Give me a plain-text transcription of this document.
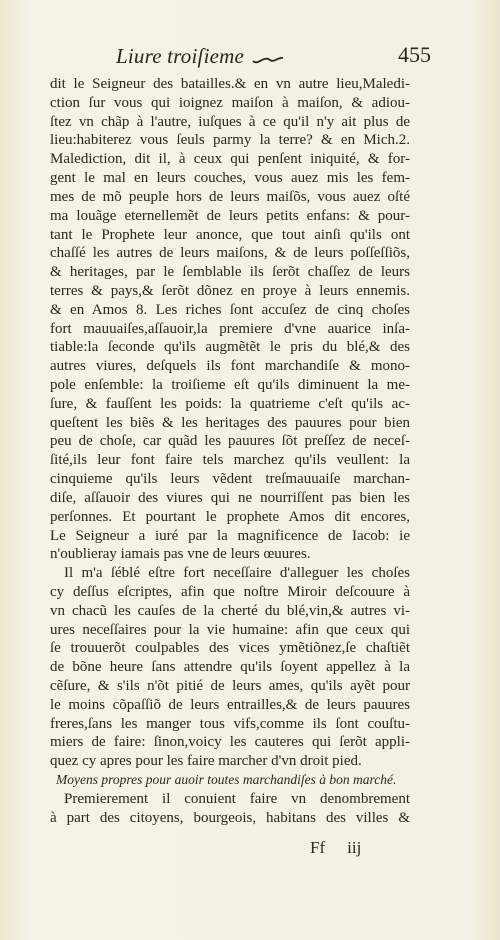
Liure troiſieme	455
dit le Seigneur des batailles.& en vn autre lieu,Maledi-
ction ſur vous qui ioignez maiſon à maiſon, & adiou-
ſtez vn chãp à l'autre, iuſques à ce qu'il n'y ait plus de
lieu:habiterez vous ſeuls parmy la terre? & en Mich.2.
Malediction, dit il, à ceux qui penſent iniquité, & for-
gent le mal en leurs couches, vous auez mis les fem-
mes de mõ peuple hors de leurs maiſõs, vous auez oſté
ma louãge eternellemẽt de leurs petits enfans: & pour-
tant le Prophete leur anonce, que tout ainſi qu'ils ont
chaſſé les autres de leurs maiſons, & de leurs poſſeſſiõs,
& heritages, par le ſemblable ils ſerõt chaſſez de leurs
terres & pays,& ſerõt dõnez en proye à leurs ennemis.
& en Amos 8. Les riches ſont accuſez de cinq choſes
fort mauuaiſes,aſſauoir,la premiere d'vne auarice inſa-
tiable:la ſeconde qu'ils augmẽtẽt le pris du blé,& des
autres viures, deſquels ils font marchandiſe & mono-
pole enſemble: la troiſieme eſt qu'ils diminuent la me-
ſure, & fauſſent les poids: la quatrieme c'eſt qu'ils ac-
queſtent les biẽs & les heritages des pauures pour bien
peu de choſe, car quãd les pauures ſõt preſſez de neceſ-
ſité,ils leur font faire tels marchez qu'ils veullent: la
cinquieme qu'ils leurs vẽdent treſmauuaiſe marchan-
diſe, aſſauoir des viures qui ne nourriſſent pas bien les
perſonnes. Et pourtant le prophete Amos dit encores,
Le Seigneur a iuré par la magnificence de Iacob: ie
n'oublieray iamais pas vne de leurs œuures.
Il m'a ſéblé eſtre fort neceſſaire d'alleguer les choſes
cy deſſus eſcriptes, afin que noſtre Miroir deſcouure à
vn chacũ les cauſes de la cherté du blé,vin,& autres vi-
ures neceſſaires pour la vie humaine: afin que ceux qui
ſe trouuerõt coulpables des vices ymẽtiõnez,ſe chaſtiẽt
de bõne heure ſans attendre qu'ils ſoyent appellez à la
cẽſure, & s'ils n'õt pitié de leurs ames, qu'ils ayẽt pour
le moins cõpaſſiõ de leurs entrailles,& de leurs pauures
freres,ſans les manger tous vifs,comme ils ſont couſtu-
miers de faire: ſinon,voicy les cauteres qui ſerõt appli-
quez cy apres pour les faire marcher d'vn droit pied.
Moyens propres pour auoir toutes marchandiſes à bon marché.
Premierement il conuient faire vn denombrement
à part des citoyens, bourgeois, habitans des villes &
Ff iij
